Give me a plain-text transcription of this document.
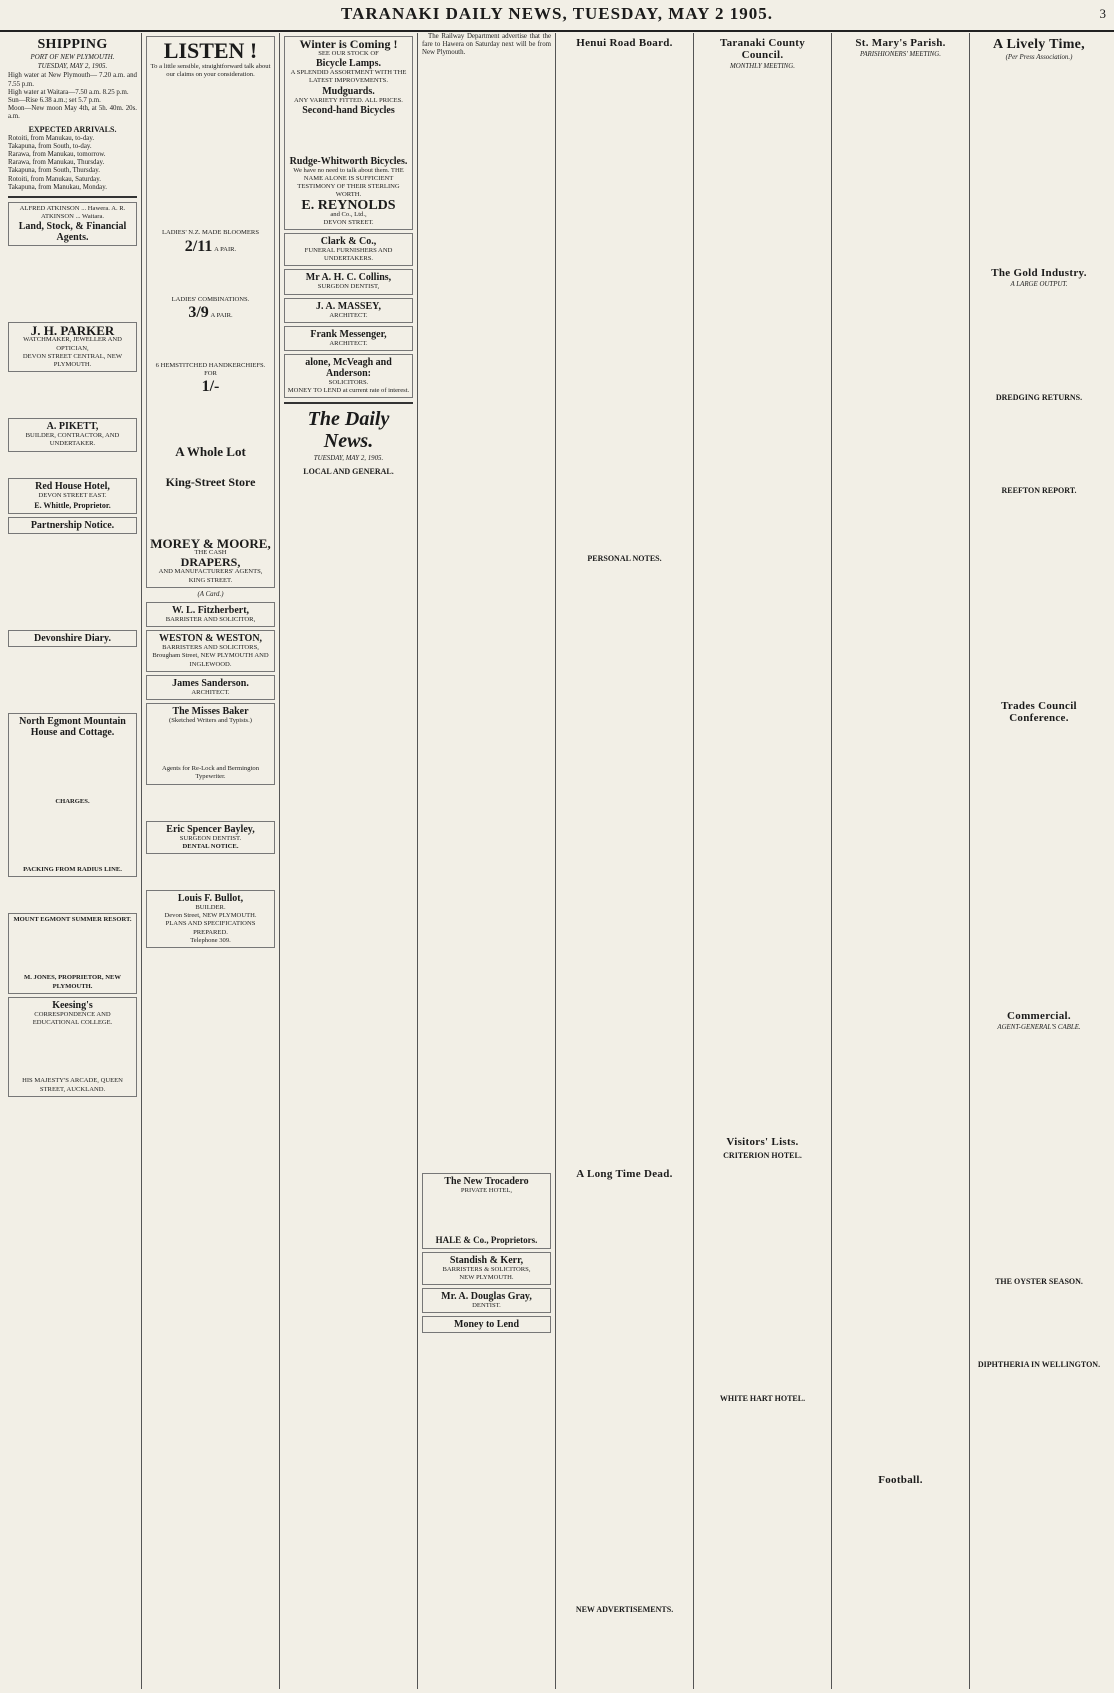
TARANAKI DAILY NEWS, TUESDAY, MAY 2 1905.	3
SHIPPING
PORT OF NEW PLYMOUTH.
TUESDAY, MAY 2, 1905.
High water at New Plymouth— 7.20 a.m. and 7.55 p.m.
High water at Waitara—7.50 a.m. 8.25 p.m.
Sun—Rise 6.38 a.m.; set 5.7 p.m.
Moon—New moon May 4th, at 5h. 40m. 20s. a.m.
EXPECTED ARRIVALS.
Rotoiti, from Manukau, to-day.
Takapuna, from South, to-day.
Rarawa, from Manukau, tomorrow.
Rarawa, from Manukau, Thursday.
Takapuna, from South, Thursday.
Rotoiti, from Manukau, Saturday.
Takapuna, from Manukau, Monday.
ALFRED ATKINSON ... Hawera. A. R. ATKINSON ... Waitara.
Land, Stock, & Financial Agents.
J. H. PARKER
WATCHMAKER, JEWELLER AND OPTICIAN,
DEVON STREET CENTRAL, NEW PLYMOUTH.
A. PIKETT,
BUILDER, CONTRACTOR, AND UNDERTAKER.
Red House Hotel,
DEVON STREET EAST.
E. Whittle, Proprietor.
Partnership Notice.
Devonshire Diary.
North Egmont Mountain House and Cottage.
CHARGES.
PACKING FROM RADIUS LINE.
MOUNT EGMONT SUMMER RESORT.
M. JONES, PROPRIETOR, NEW PLYMOUTH.
Keesing's
CORRESPONDENCE AND EDUCATIONAL COLLEGE.
HIS MAJESTY'S ARCADE, QUEEN STREET, AUCKLAND.
LISTEN !
To a little sensible, straightforward talk about our claims on your consideration.
LADIES' N.Z. MADE BLOOMERS
2/11 A PAIR.
LADIES' COMBINATIONS.
3/9 A PAIR.
6 HEMSTITCHED HANDKERCHIEFS.
FOR
1/-
A Whole Lot
King-Street Store
MOREY & MOORE,
THE CASH
DRAPERS,
AND MANUFACTURERS' AGENTS,
KING STREET.
(A Card.)
W. L. Fitzherbert,
BARRISTER AND SOLICITOR,
WESTON & WESTON,
BARRISTERS AND SOLICITORS,
Brougham Street, NEW PLYMOUTH AND INGLEWOOD.
James Sanderson.
ARCHITECT.
The Misses Baker
(Sketched Writers and Typists.)
Agents for Re-Lock and Bermington Typewriter.
Eric Spencer Bayley,
SURGEON DENTIST.
DENTAL NOTICE.
Louis F. Bullot,
BUILDER.
Devon Street, NEW PLYMOUTH.
PLANS AND SPECIFICATIONS PREPARED.
Telephone 309.
Winter is Coming !
SEE OUR STOCK OF
Bicycle Lamps.
A SPLENDID ASSORTMENT WITH THE LATEST IMPROVEMENTS.
Mudguards.
ANY VARIETY FITTED. ALL PRICES.
Second-hand Bicycles
Rudge-Whitworth Bicycles.
We have no need to talk about them. THE NAME ALONE IS SUFFICIENT TESTIMONY OF THEIR STERLING WORTH.
E. REYNOLDS
and Co., Ltd.,
DEVON STREET.
Clark & Co.,
FUNERAL FURNISHERS AND UNDERTAKERS.
Mr A. H. C. Collins,
SURGEON DENTIST,
J. A. MASSEY,
ARCHITECT.
Frank Messenger,
ARCHITECT.
alone, McVeagh and Anderson:
SOLICITORS.
MONEY TO LEND at current rate of interest.
The Daily News.
TUESDAY, MAY 2, 1905.
LOCAL AND GENERAL.

The Railway Department advertise that the fare to Hawera on Saturday next will be from New Plymouth.

The New Trocadero
PRIVATE HOTEL,
HALE & Co., Proprietors.
Standish & Kerr,
BARRISTERS & SOLICITORS,
NEW PLYMOUTH.
Mr. A. Douglas Gray,
DENTIST.
Money to Lend
Henui Road Board.
PERSONAL NOTES.
A Long Time Dead.
NEW ADVERTISEMENTS.
Taranaki County Council.
MONTHLY MEETING.
Visitors' Lists.
CRITERION HOTEL.
WHITE HART HOTEL.
St. Mary's Parish.
PARISHIONERS' MEETING.
Football.
A Lively Time,
(Per Press Association.)
The Gold Industry.
A LARGE OUTPUT.
DREDGING RETURNS.
REEFTON REPORT.
Trades Council Conference.
Commercial.
AGENT-GENERAL'S CABLE.
THE OYSTER SEASON.
DIPHTHERIA IN WELLINGTON.
